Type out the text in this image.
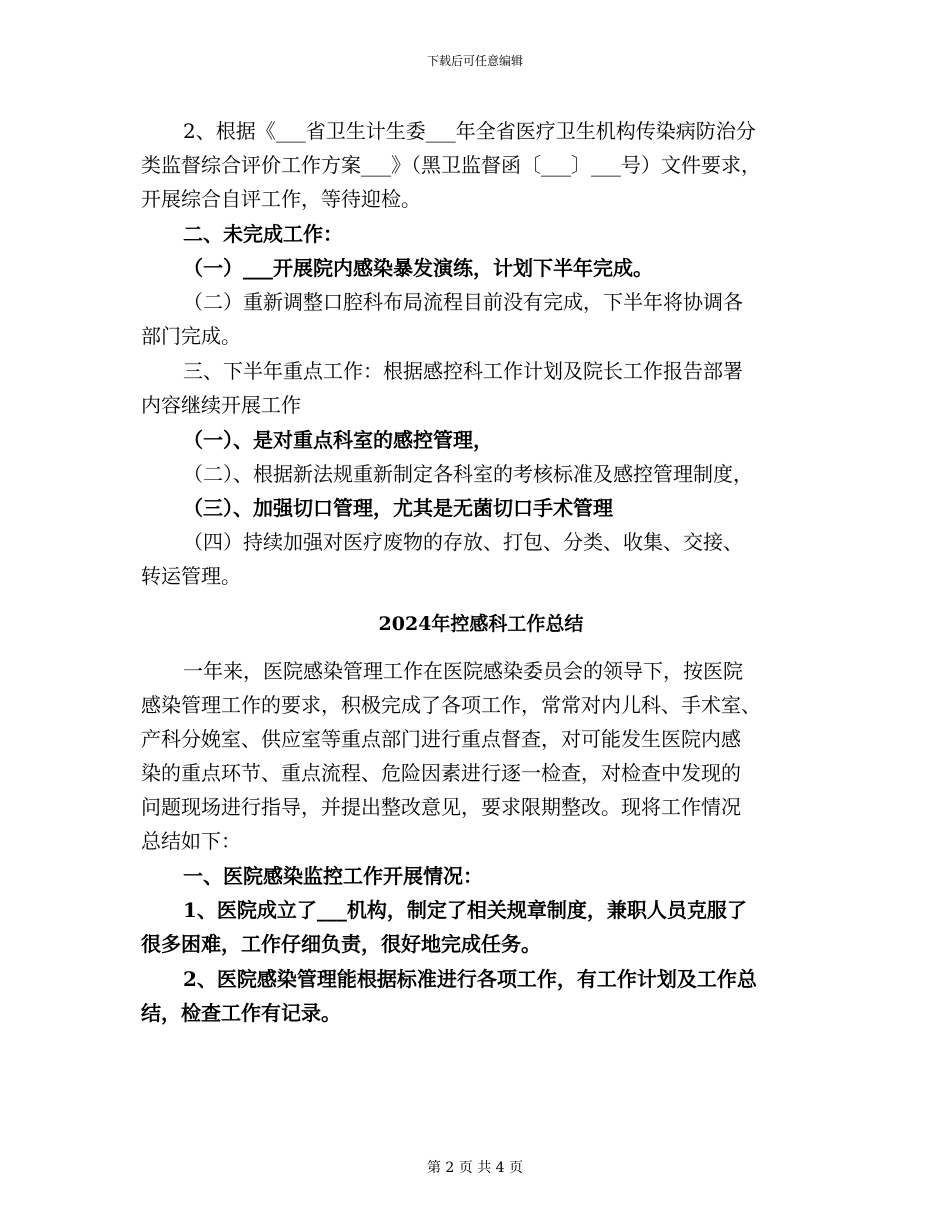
下载后可任意编辑

2、根据《___省卫生计生委___年全省医疗卫生机构传染病防治分

类监督综合评价工作方案___》（黑卫监督函〔___〕___号）文件要求，

开展综合自评工作，等待迎检。

二、未完成工作：

（一）___开展院内感染暴发演练，计划下半年完成。

（二）重新调整口腔科布局流程目前没有完成，下半年将协调各

部门完成。

三、下半年重点工作：根据感控科工作计划及院长工作报告部署

内容继续开展工作

（一）、是对重点科室的感控管理，

（二）、根据新法规重新制定各科室的考核标准及感控管理制度，

（三）、加强切口管理，尤其是无菌切口手术管理

（四）持续加强对医疗废物的存放、打包、分类、收集、交接、

转运管理。

2024年控感科工作总结

一年来，医院感染管理工作在医院感染委员会的领导下，按医院

感染管理工作的要求，积极完成了各项工作，常常对内儿科、手术室、

产科分娩室、供应室等重点部门进行重点督查，对可能发生医院内感

染的重点环节、重点流程、危险因素进行逐一检查，对检查中发现的

问题现场进行指导，并提出整改意见，要求限期整改。现将工作情况

总结如下：

一、医院感染监控工作开展情况：

1、医院成立了___机构，制定了相关规章制度，兼职人员克服了

很多困难，工作仔细负责，很好地完成任务。

2、医院感染管理能根据标准进行各项工作，有工作计划及工作总

结，检查工作有记录。

第 2 页 共 4 页
